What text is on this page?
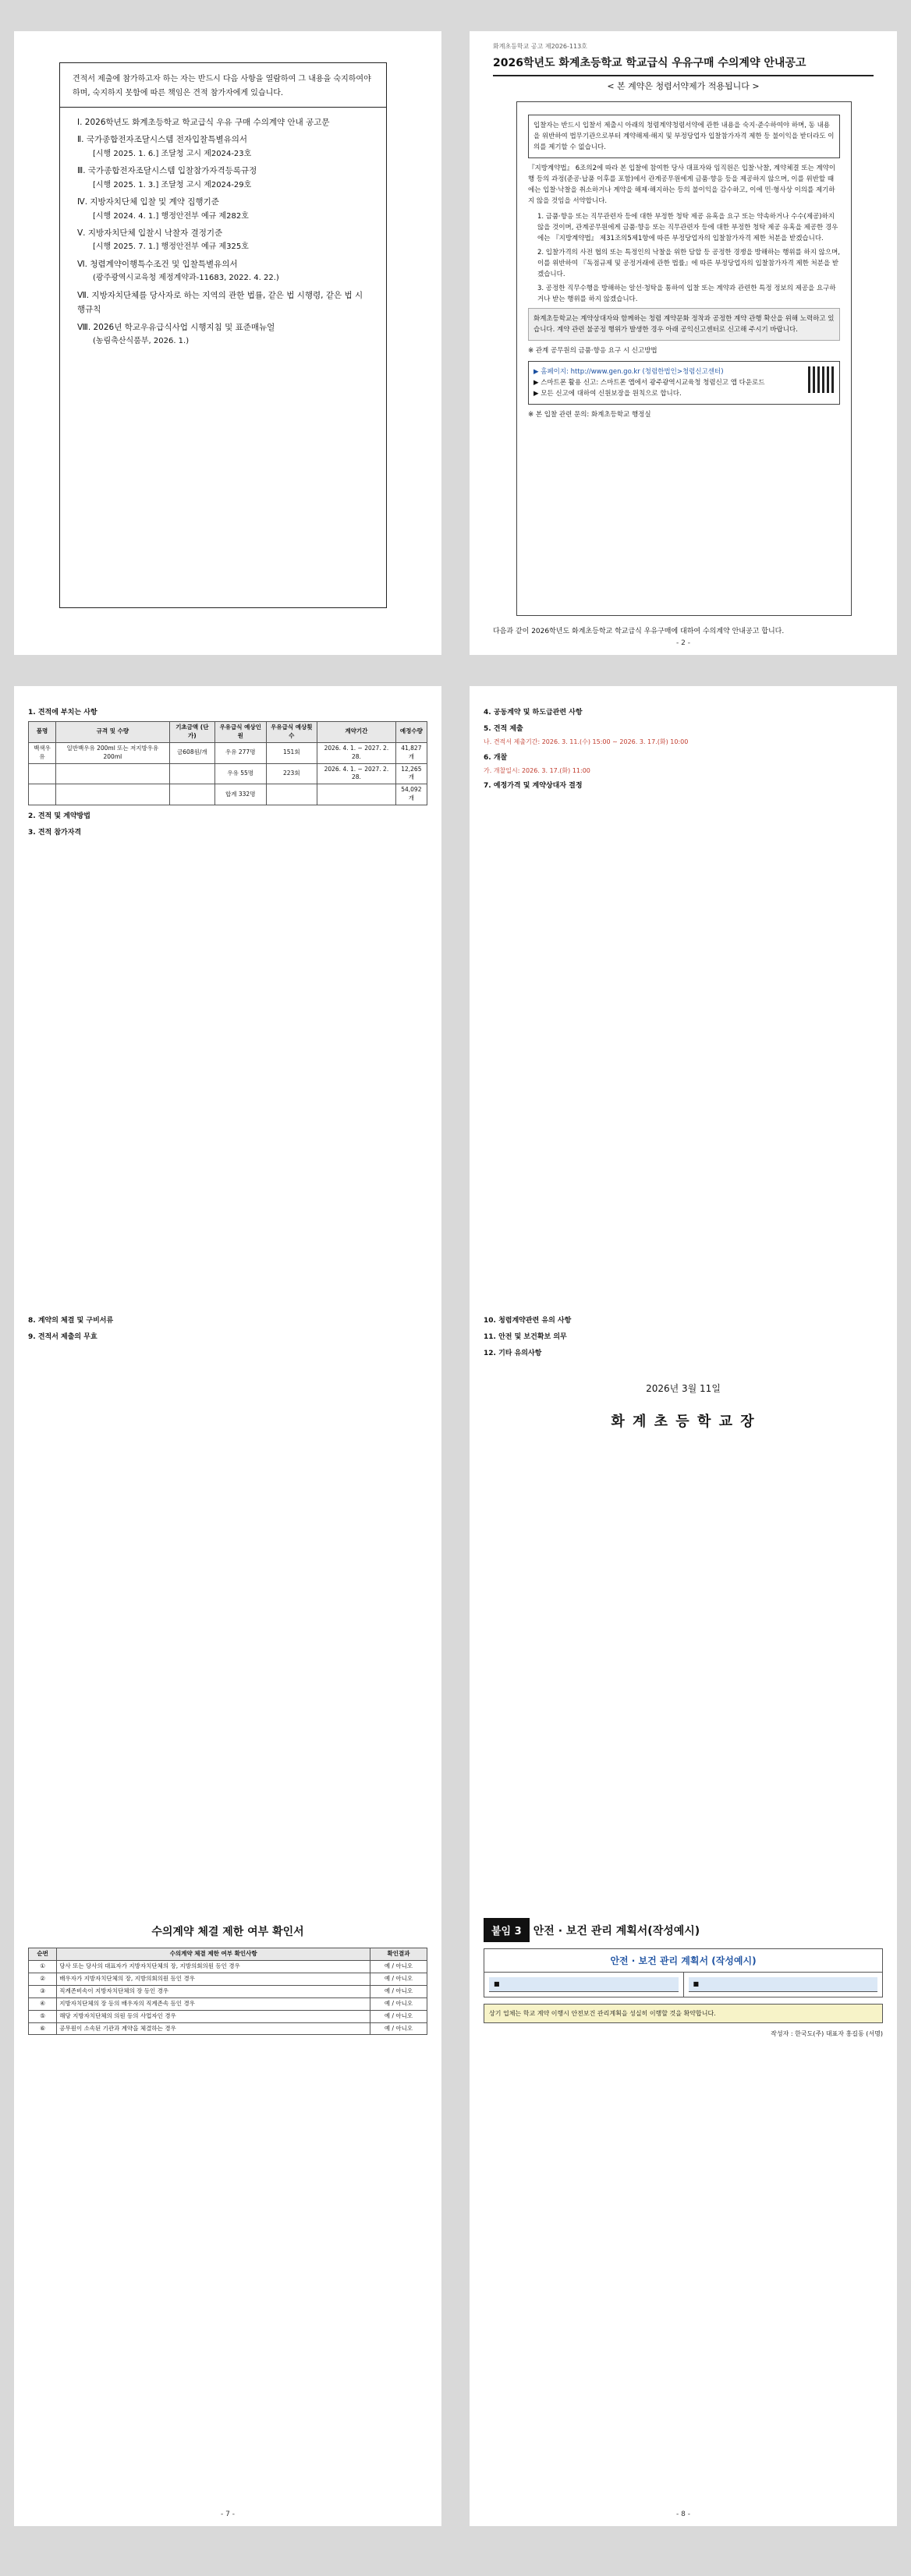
견적서 제출에 참가하고자 하는 자는 반드시 다음 사항을 열람하여 그 내용을 숙지하여야 하며, 숙지하지 못함에 따른 책임은 견적 참가자에게 있습니다.
Ⅰ. 2026학년도 화계초등학교 학교급식 우유 구매 수의계약 안내 공고문
Ⅱ. 국가종합전자조달시스템 전자입찰특별유의서
[시행 2025. 1. 6.] 조달청 고시 제2024-23호
Ⅲ. 국가종합전자조달시스템 입찰참가자격등록규정
[시행 2025. 1. 3.] 조달청 고시 제2024-29호
Ⅳ. 지방자치단체 입찰 및 계약 집행기준
[시행 2024. 4. 1.] 행정안전부 예규 제282호
Ⅴ. 지방자치단체 입찰시 낙찰자 결정기준
[시행 2025. 7. 1.] 행정안전부 예규 제325호
Ⅵ. 청렴계약이행특수조건 및 입찰특별유의서
(광주광역시교육청 제정계약과-11683, 2022. 4. 22.)
Ⅶ. 지방자치단체를 당사자로 하는 지역의 관한 법률, 같은 법 시행령, 같은 법 시행규칙
Ⅷ. 2026년 학교우유급식사업 시행지침 및 표준매뉴얼
(농림축산식품부, 2026. 1.)
화계초등학교 공고 제2026-113호
2026학년도 화계초등학교 학교급식 우유구매 수의계약 안내공고
< 본 계약은 청렴서약제가 적용됩니다 >
입찰자는 반드시 입찰서 제출시 아래의 청렴계약청렴서약에 관한 내용을 숙지·준수하여야 하며, 동 내용을 위반하여 법무기관으로부터 계약해제·해지 및 부정당업자 입찰참가자격 제한 등 불이익을 받더라도 이의를 제기할 수 없습니다.

『지방계약법』 6조의2에 따라 본 입찰에 참여한 당사 대표자와 임직원은 입찰·낙찰, 계약체결 또는 계약이행 등의 과정(준공·납품 이후를 포함)에서 관계공무원에게 금품·향응 등을 제공하지 않으며, 이를 위반할 때에는 입찰·낙찰을 취소하거나 계약을 해제·해지하는 등의 불이익을 감수하고, 이에 민·형사상 이의를 제기하지 않을 것임을 서약합니다.

1. 금품·향응 또는 직무관련자 등에 대한 부정한 청탁 제공 유혹을 요구 또는 약속하거나 수수(제공)하지 않을 것이며, 관계공무원에게 금품·향응 또는 직무관련자 등에 대한 부정한 청탁 제공 유혹을 제공한 경우에는 『지방계약법』 제31조의5제1항에 따른 부정당업자의 입찰참가자격 제한 처분을 받겠습니다.
2. 입찰가격의 사전 협의 또는 특정인의 낙찰을 위한 담합 등 공정한 경쟁을 방해하는 행위를 하지 않으며, 이를 위반하여 『독점규제 및 공정거래에 관한 법률』에 따른 부정당업자의 입찰참가자격 제한 처분을 받겠습니다.
3. 공정한 직무수행을 방해하는 알선·청탁을 통하여 입찰 또는 계약과 관련한 특정 정보의 제공을 요구하거나 받는 행위를 하지 않겠습니다.
화계초등학교는 계약상대자와 함께하는 청렴 계약문화 정착과 공정한 계약 관행 확산을 위해 노력하고 있습니다. 계약 관련 불공정 행위가 발생한 경우 아래 공익신고센터로 신고해 주시기 바랍니다.

※ 관계 공무원의 금품·향응 요구 시 신고방법

▶ 홈페이지: http://www.gen.go.kr (청렴한법인>청렴신고센터)
▶ 스마트폰 활용 신고: 스마트폰 앱에서 광주광역시교육청 청렴신고 앱 다운로드
▶ 모든 신고에 대하여 신원보장을 원칙으로 합니다.

※ 본 입찰 관련 문의: 화계초등학교 행정실

다음과 같이 2026학년도 화계초등학교 학교급식 우유구매에 대하여 수의계약 안내공고 합니다.
- 2 -
1. 견적에 부치는 사항
품명	규격 및 수량	기초금액 (단가)	우유급식 예상인원	우유급식 예상횟수	계약기간	예정수량
백색우유	일반백우유 200ml 또는 저지방우유 200ml	금608원/개	우유 277명	151회	2026. 4. 1. ~ 2027. 2. 28.	41,827개
			우유 55명	223회	2026. 4. 1. ~ 2027. 2. 28.	12,265개
			합계 332명			54,092개
2. 견적 및 계약방법
3. 견적 참가자격
4. 공동계약 및 하도급관련 사항
5. 견적 제출
나. 견적서 제출기간: 2026. 3. 11.(수) 15:00 ~ 2026. 3. 17.(화) 10:00
6. 개찰
가. 개찰일시: 2026. 3. 17.(화) 11:00
7. 예정가격 및 계약상대자 결정
8. 계약의 체결 및 구비서류
9. 견적서 제출의 무효
10. 청렴계약관련 유의 사항
11. 안전 및 보건확보 의무
12. 기타 유의사항
2026년 3월 11일
화 계 초 등 학 교 장
수의계약 체결 제한 여부 확인서
순번	수의계약 체결 제한 여부 확인사항	확인결과
①	당사 또는 당사의 대표자가 지방자치단체의 장, 지방의회의원 등인 경우	예 / 아니오
②	배우자가 지방자치단체의 장, 지방의회의원 등인 경우	예 / 아니오
③	직계존비속이 지방자치단체의 장 등인 경우	예 / 아니오
④	지방자치단체의 장 등의 배우자의 직계존속 등인 경우	예 / 아니오
⑤	해당 지방자치단체의 의원 등의 사업자인 경우	예 / 아니오
⑥	공무원이 소속된 기관과 계약을 체결하는 경우	예 / 아니오
- 7 -
붙임 3 안전 · 보건 관리 계획서(작성예시)
안전 · 보건 관리 계획서 (작성예시)
■	■
상기 업체는 학교 계약 이행시 안전보건 관리계획을 성실히 이행할 것을 확약합니다.
작성자 : 한국도(주) 대표자 홍길동 (서명)
- 8 -
